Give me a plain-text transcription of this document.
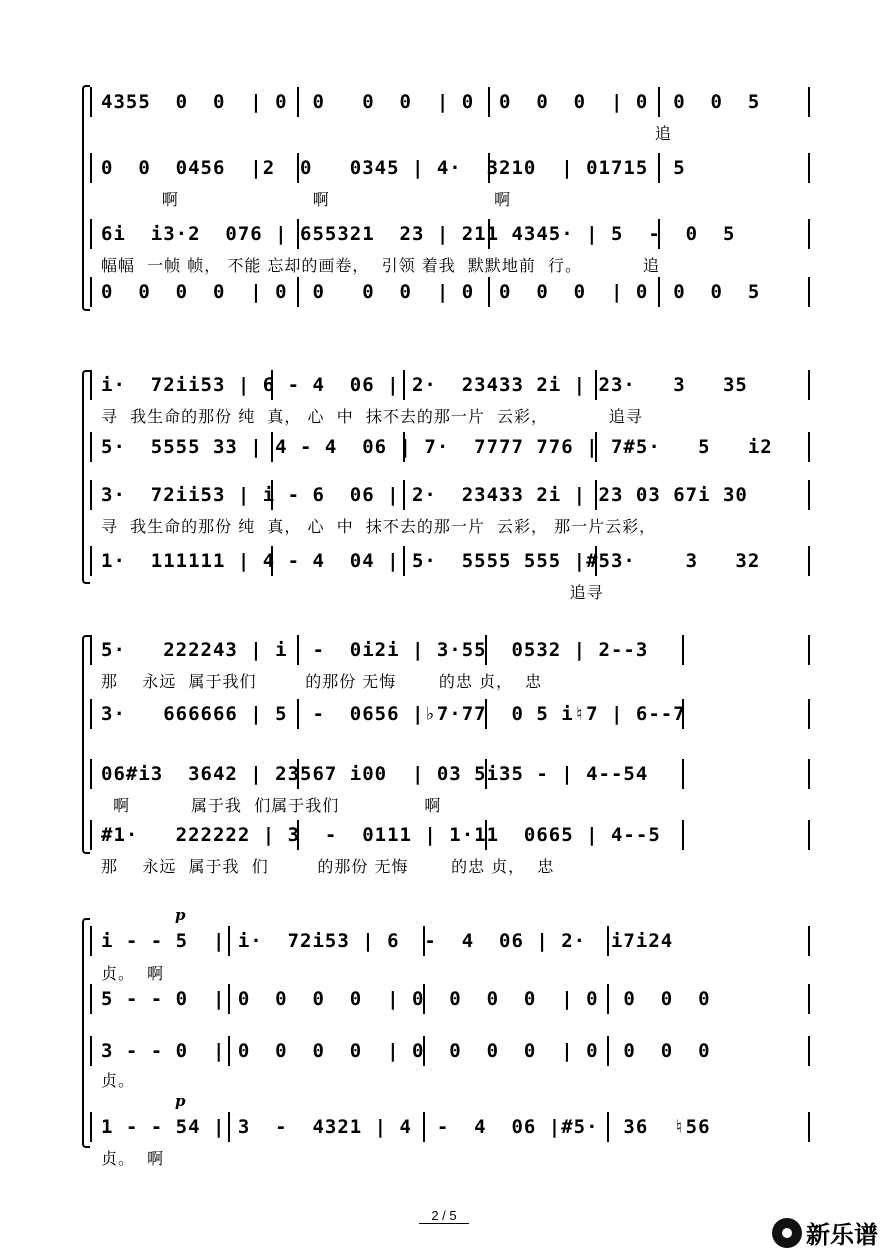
4355  0  0  | 0  0   0  0  | 0  0  0  0  | 0  0  0  5
追
0  0  0456  |2  0   0345 | 4·  3210  | 01715  5
啊                      啊                           啊
6i  i3·2  076 | 655321  23 | 211 4345· | 5  -  0  5
幅幅  一帧 帧， 不能 忘却的画卷，  引领 着我  默默地前  行。          追
0  0  0  0  | 0  0   0  0  | 0  0  0  0  | 0  0  0  5
i·  72ii53 | 6 - 4  06 | 2·  23433 2i | 23·   3   35
寻  我生命的那份 纯  真， 心  中  抹不去的那一片  云彩，          追寻
5·  5555 33 | 4 - 4  06 | 7·  7777 776 | 7#5·   5   i2
3·  72ii53 | i - 6  06 | 2·  23433 2i | 23 03 67i 30
寻  我生命的那份 纯  真， 心  中  抹不去的那一片  云彩， 那一片云彩，
1·  111111 | 4 - 4  04 | 5·  5555 555 |#53·    3   32
追寻
5·   222243 | i  -  0i2i | 3·55  0532 | 2--3
那    永远  属于我们        的那份 无悔       的忠 贞，  忠
3·   666666 | 5  -  0656 |♭7·77  0 5 i♮7 | 6--7
06#i3  3642 | 23567 i00  | 03 5i35 - | 4--54
啊          属于我  们属于我们              啊
#1·   222222 | 3  -  0111 | 1·11  0665 | 4--5
那    永远  属于我  们        的那份 无悔       的忠 贞，  忠
p
p
i - - 5  | i·  72i53 | 6  -  4  06 | 2·  i7i24
贞。  啊
5 - - 0  | 0  0  0  0  | 0  0  0  0  | 0  0  0  0
3 - - 0  | 0  0  0  0  | 0  0  0  0  | 0  0  0  0
贞。
1 - - 54 | 3  -  4321 | 4  -  4  06 |#5·  36  ♮56
贞。  啊
2 / 5
新乐谱
